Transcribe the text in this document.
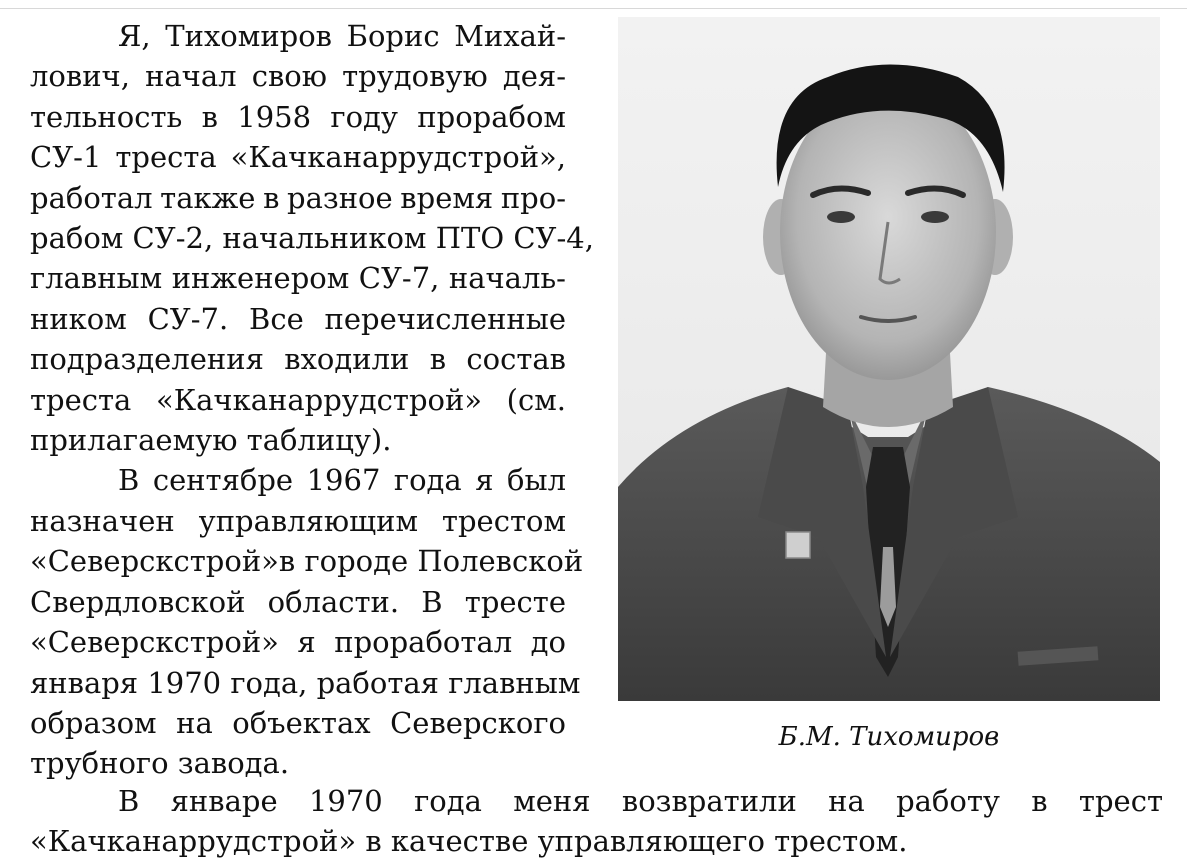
Я, Тихомиров Борис Михай-
лович, начал свою трудовую дея-
тельность в 1958 году прорабом
СУ-1 треста «Качканаррудстрой»,
работал также в разное время про-
рабом СУ-2, начальником ПТО СУ-4,
главным инженером СУ-7, началь-
ником СУ-7. Все перечисленные
подразделения входили в состав
треста «Качканаррудстрой» (см.
прилагаемую таблицу).

В сентябре 1967 года я был
назначен управляющим трестом
«Северскстрой»в городе Полевской
Свердловской области. В тресте
«Северскстрой» я проработал до
января 1970 года, работая главным
образом на объектах Северского
трубного завода.

Б.М. Тихомиров
В январе 1970 года меня возвратили на работу в трест
«Качканаррудстрой» в качестве управляющего трестом.
